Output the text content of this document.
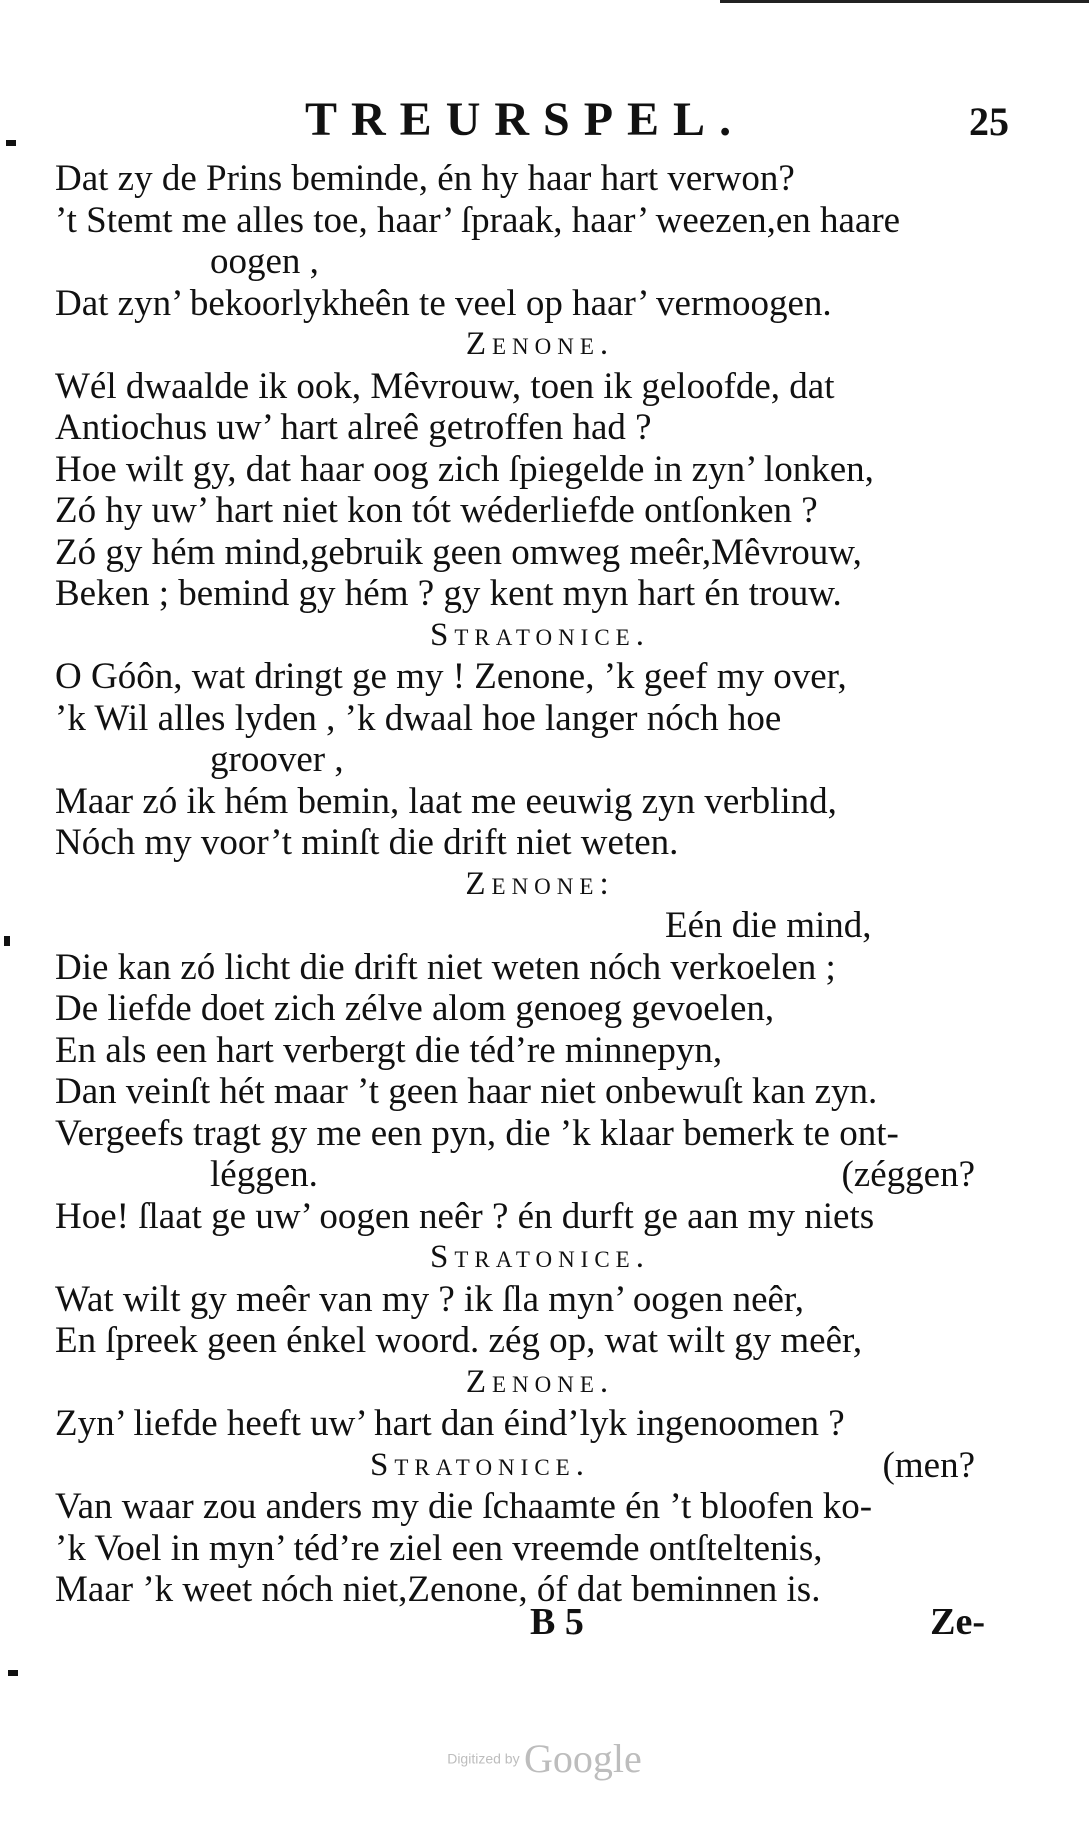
TREURSPEL.	25
Dat zy de Prins beminde, én hy haar hart verwon?
’t Stemt me alles toe, haar’ ſpraak, haar’ weezen,en haare
oogen ,
Dat zyn’ bekoorlykheên te veel op haar’ vermoogen.
Zenone.
Wél dwaalde ik ook, Mêvrouw, toen ik geloofde, dat
Antiochus uw’ hart alreê getroffen had ?
Hoe wilt gy, dat haar oog zich ſpiegelde in zyn’ lonken,
Zó hy uw’ hart niet kon tót wéderliefde ontſonken ?
Zó gy hém mind,gebruik geen omweg meêr,Mêvrouw,
Beken ; bemind gy hém ? gy kent myn hart én trouw.
Stratonice.
O Góôn, wat dringt ge my ! Zenone, ’k geef my over,
’k Wil alles lyden , ’k dwaal hoe langer nóch hoe
groover ,
Maar zó ik hém bemin, laat me eeuwig zyn verblind,
Nóch my voor’t minſt die drift niet weten.
Zenone:
Eén die mind,
Die kan zó licht die drift niet weten nóch verkoelen ;
De liefde doet zich zélve alom genoeg gevoelen,
En als een hart verbergt die téd’re minnepyn,
Dan veinſt hét maar ’t geen haar niet onbewuſt kan zyn.
Vergeefs tragt gy me een pyn, die ’k klaar bemerk te ont-
léggen.	(zéggen?
Hoe! ſlaat ge uw’ oogen neêr ? én durft ge aan my niets
Stratonice.
Wat wilt gy meêr van my ? ik ſla myn’ oogen neêr,
En ſpreek geen énkel woord. zég op, wat wilt gy meêr,
Zenone.
Zyn’ liefde heeft uw’ hart dan éind’lyk ingenoomen ?
Stratonice.	(men?
Van waar zou anders my die ſchaamte én ’t bloofen ko-
’k Voel in myn’ téd’re ziel een vreemde ontſteltenis,
Maar ’k weet nóch niet,Zenone, óf dat beminnen is.
B 5	Ze-
Digitized by Google
